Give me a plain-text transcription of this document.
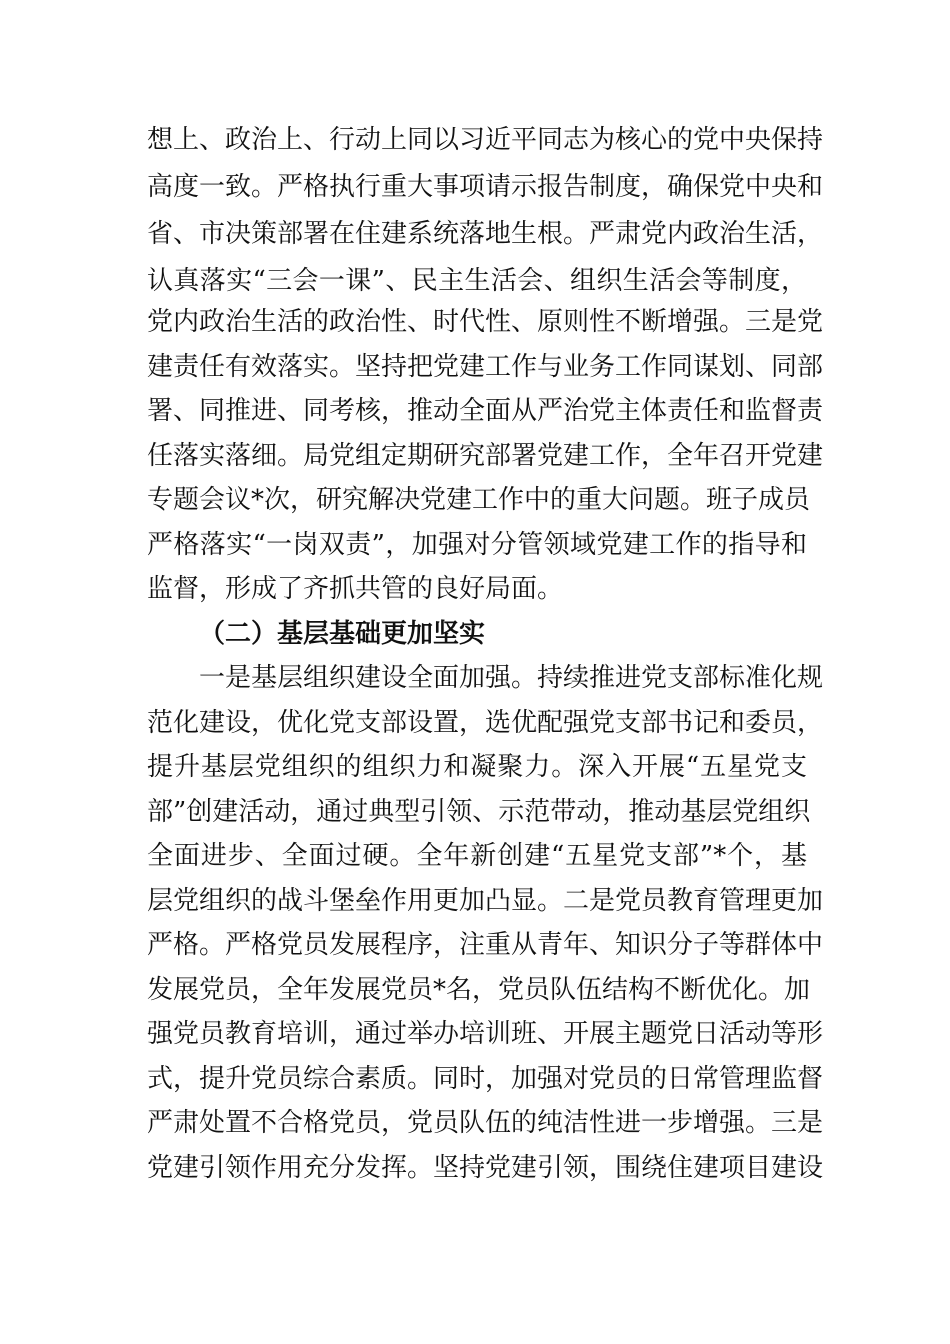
想上、政治上、行动上同以习近平同志为核心的党中央保持
高度一致。严格执行重大事项请示报告制度，确保党中央和
省、市决策部署在住建系统落地生根。严肃党内政治生活，
认真落实“三会一课”、民主生活会、组织生活会等制度，
党内政治生活的政治性、时代性、原则性不断增强。三是党
建责任有效落实。坚持把党建工作与业务工作同谋划、同部
署、同推进、同考核，推动全面从严治党主体责任和监督责
任落实落细。局党组定期研究部署党建工作，全年召开党建
专题会议*次，研究解决党建工作中的重大问题。班子成员
严格落实“一岗双责”，加强对分管领域党建工作的指导和
监督，形成了齐抓共管的良好局面。
（二）基层基础更加坚实
一是基层组织建设全面加强。持续推进党支部标准化规
范化建设，优化党支部设置，选优配强党支部书记和委员，
提升基层党组织的组织力和凝聚力。深入开展“五星党支
部”创建活动，通过典型引领、示范带动，推动基层党组织
全面进步、全面过硬。全年新创建“五星党支部”*个，基
层党组织的战斗堡垒作用更加凸显。二是党员教育管理更加
严格。严格党员发展程序，注重从青年、知识分子等群体中
发展党员，全年发展党员*名，党员队伍结构不断优化。加
强党员教育培训，通过举办培训班、开展主题党日活动等形
式，提升党员综合素质。同时，加强对党员的日常管理监督
严肃处置不合格党员，党员队伍的纯洁性进一步增强。三是
党建引领作用充分发挥。坚持党建引领，围绕住建项目建设
